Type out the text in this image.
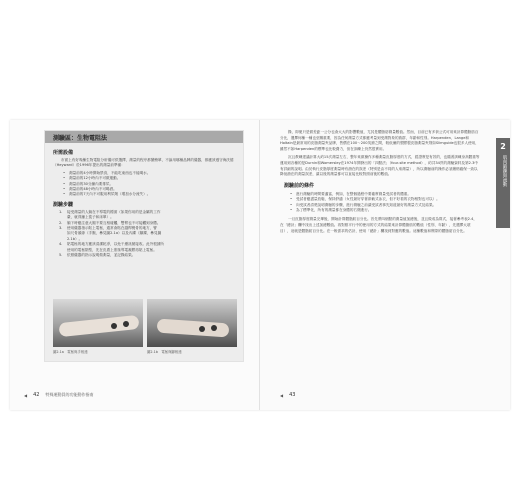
測驗區：生物電阻法
所需設備

市面上有好幾種生物電阻分析儀可供選擇，測量的程序都蠻簡單，不論用哪種品牌的儀器，都應該遵守海沃德（Heyward）於1996年提出的測量前準備：

• 測量前的4小時開始禁食，不能吃東西也不能喝水。
• 測量前的12小時內不可做運動。
• 測量前的30分鐘內要排尿。
• 測量前的48小時內不可喝酒。
• 測量前的7天內不可服用利尿劑（增加水分流失）。
測驗步驟
1.	接受測量的人躺在不導電的檯面（如果你用的是金屬的工作
臺，就得鋪上毯子和床單）。
2.	躺下時應注意大腿不要互相碰觸，雙臂也不可接觸到身體。
3.	使用儀器指示貼上電極，通常會貼在越桿橈骨的地方，譬
如尺骨頭緣（手腕，參見圖2.1a）以及內踝（腳踝，參見圖
2.1b）。
4.	貼電極的地方應該清潔乾淨，以免干擾訊號接收。此外根據所
使用的電極類型，先在皮膚上塗抹導電凝膠再貼上電極。
5.	依照儀器的指示說明做測量，並記錄結果。
圖2.1a　電極與手相連	圖2.1b　電極與腳相連
◀ 42 特殊運動員的功能動作指南

錄，即便只是微差距一公分也會大大的影響數值，尤其是體脂肪測量數值。然而，目前已有多套公式可用來計算體脂肪百分比，選擇何種一種也至關重要，因為任何測量方式都應考量到受測對象的族群，年齡和性別。Harpenden、Lange和Holtain是最常用的皮脂測量夾品牌，售價在100～200英鎊之間，較低廉的塑膠製皮脂測量夾則如Slimguide也很多人使用，雖然不如Harpenden的標準也比較費力，但在訓練上仍然很實用。

沉且教練建議計算大約15次測量左右，整年來做操作多種測量皮脂厚度的方式，經證實是有效的，也隨著訓練身高體重等運用到各種的是Durnin和Womersley在1974年開發出的「四點法」（four-site method），約共34頁的測驗資料及第2.3中有詳細的說明。由於執行皮脂厚度測量時有潛在的誤差（特別是由不同的人來測量），所以測驗前的操作必須嚴格確保一致以降低潛在的測量誤差，讓以後的測量都可以直接比較對照前後的數值。

測驗前的條件
• 進行測驗的時間要適當，例如，在整個過程中要確實測量受試者的體重。
• 受試者應盡量放鬆，保持舒適（女性最好穿著兩截式泳衣，但不好看的衣物相對也可以）。
• 向受試者清楚說明測驗的步驟，進行測驗之前讓受試者事先知道最好的測量方式及結果。
• 為了標準化，所有的測量都在身體的右側進行。

一旦皮脂厚度測量完畢後，開始計算體脂肪百分比。首先將四個點的測量值加總後，並且做成為算式，接著參考表2.4，在「總計」欄中找出上述加總數值。再對照平行中的使用的方式的結果來計算體脂肪的數值（性別、年齡），先選擇大項目），這就是體脂肪百分比。在一般需求的估計，使用「總計」欄找到對應的數值。這種數值和實際的體脂肪百分比。

2
肌肉鍛鍊與流動
◀ 43
